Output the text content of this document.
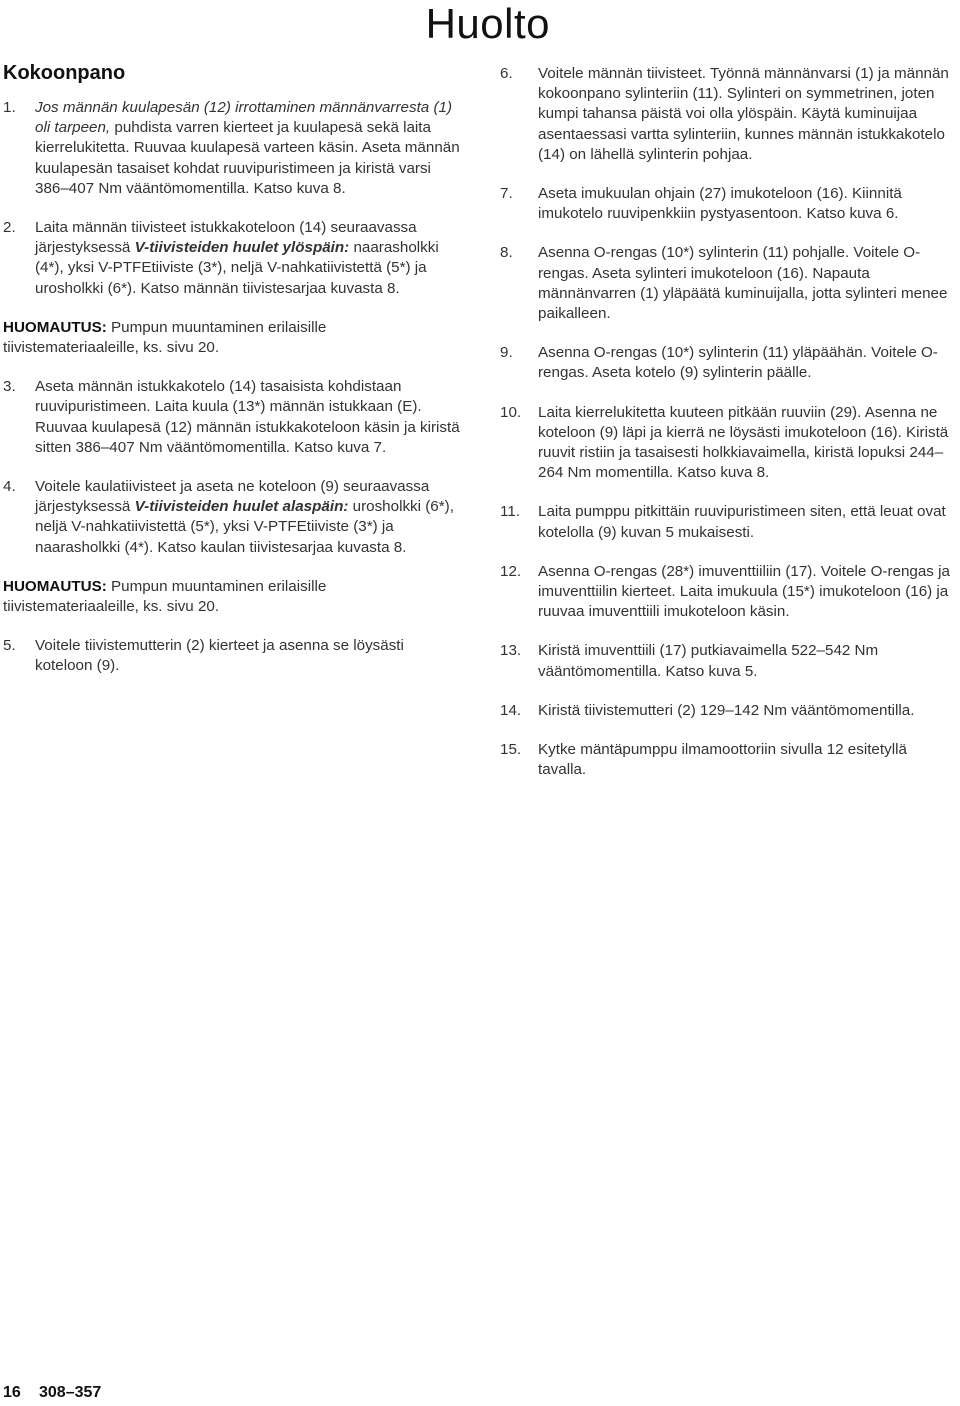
Huolto
Kokoonpano
1. Jos männän kuulapesän (12) irrottaminen männänvarresta (1) oli tarpeen, puhdista varren kierteet ja kuulapesä sekä laita kierrelukitetta. Ruuvaa kuulapesä varteen käsin. Aseta männän kuulapesän tasaiset kohdat ruuvipuristimeen ja kiristä varsi 386–407 Nm vääntömomentilla. Katso kuva 8.
2. Laita männän tiivisteet istukkakoteloon (14) seuraavassa järjestyksessä V-tiivisteiden huulet ylöspäin: naarasholkki (4*), yksi V-PTFEtiiviste (3*), neljä V-nahkatiivistettä (5*) ja urosholkki (6*). Katso männän tiivistesarjaa kuvasta 8.
HUOMAUTUS: Pumpun muuntaminen erilaisille tiivistemateriaaleille, ks. sivu 20.
3. Aseta männän istukkakotelo (14) tasaisista kohdistaan ruuvipuristimeen. Laita kuula (13*) männän istukkaan (E). Ruuvaa kuulapesä (12) männän istukkakoteloon käsin ja kiristä sitten 386–407 Nm vääntömomentilla. Katso kuva 7.
4. Voitele kaulatiivisteet ja aseta ne koteloon (9) seuraavassa järjestyksessä V-tiivisteiden huulet alaspäin: urosholkki (6*), neljä V-nahkatiivistettä (5*), yksi V-PTFEtiiviste (3*) ja naarasholkki (4*). Katso kaulan tiivistesarjaa kuvasta 8.
HUOMAUTUS: Pumpun muuntaminen erilaisille tiivistemateriaaleille, ks. sivu 20.
5. Voitele tiivistemutterin (2) kierteet ja asenna se löysästi koteloon (9).
6. Voitele männän tiivisteet. Työnnä männänvarsi (1) ja männän kokoonpano sylinteriin (11). Sylinteri on symmetrinen, joten kumpi tahansa päistä voi olla ylöspäin. Käytä kuminuijaa asentaessasi vartta sylinteriin, kunnes männän istukkakotelo (14) on lähellä sylinterin pohjaa.
7. Aseta imukuulan ohjain (27) imukoteloon (16). Kiinnitä imukotelo ruuvipenkkiin pystyasentoon. Katso kuva 6.
8. Asenna O-rengas (10*) sylinterin (11) pohjalle. Voitele O-rengas. Aseta sylinteri imukoteloon (16). Napauta männänvarren (1) yläpäätä kuminuijalla, jotta sylinteri menee paikalleen.
9. Asenna O-rengas (10*) sylinterin (11) yläpäähän. Voitele O-rengas. Aseta kotelo (9) sylinterin päälle.
10. Laita kierrelukitetta kuuteen pitkään ruuviin (29). Asenna ne koteloon (9) läpi ja kierrä ne löysästi imukoteloon (16). Kiristä ruuvit ristiin ja tasaisesti holkkiavaimella, kiristä lopuksi 244–264 Nm momentilla. Katso kuva 8.
11. Laita pumppu pitkittäin ruuvipuristimeen siten, että leuat ovat kotelolla (9) kuvan 5 mukaisesti.
12. Asenna O-rengas (28*) imuventtiiliin (17). Voitele O-rengas ja imuventtiilin kierteet. Laita imukuula (15*) imukoteloon (16) ja ruuvaa imuventtiili imukoteloon käsin.
13. Kiristä imuventtiili (17) putkiavaimella 522–542 Nm vääntömomentilla. Katso kuva 5.
14. Kiristä tiivistemutteri (2) 129–142 Nm vääntömomentilla.
15. Kytke mäntäpumppu ilmamoottoriin sivulla 12 esitetyllä tavalla.
16 308–357
